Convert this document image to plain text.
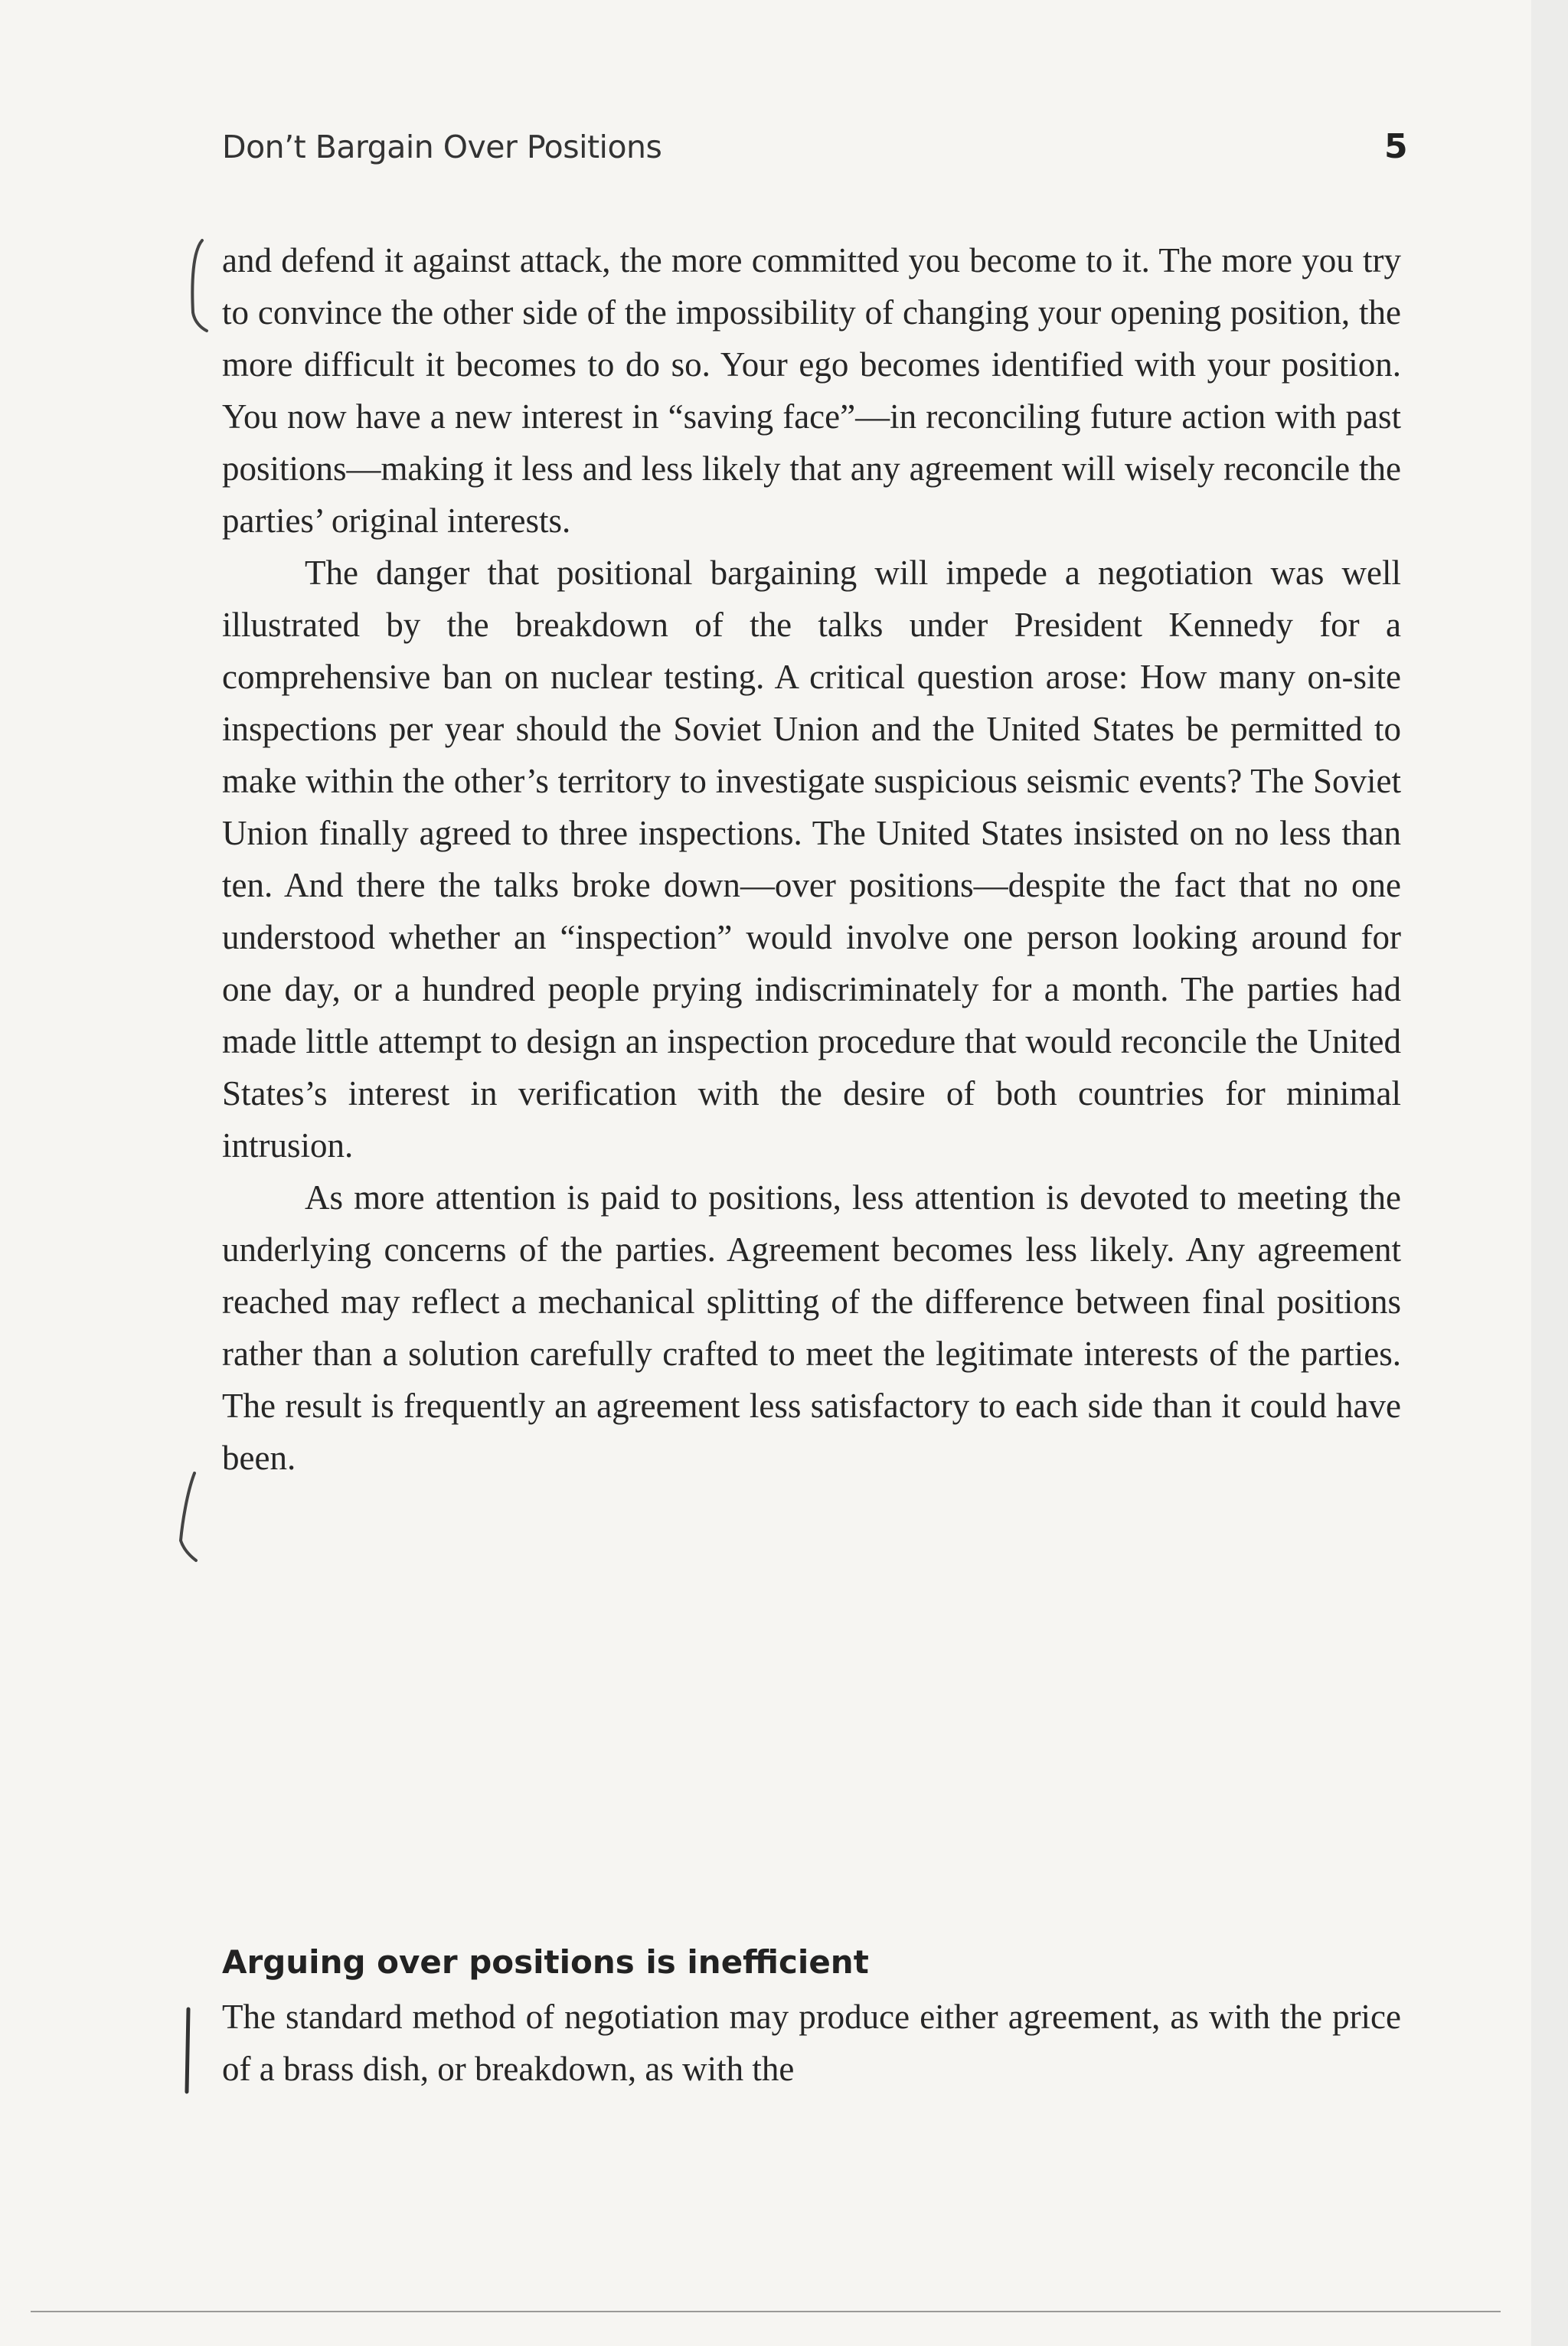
Don’t Bargain Over Positions	5

and defend it against attack, the more committed you become to it. The more you try to convince the other side of the impossibility of changing your opening position, the more difficult it becomes to do so. Your ego becomes identified with your position. You now have a new interest in “saving face”—in reconciling future action with past positions—making it less and less likely that any agreement will wisely reconcile the parties’ original interests.

The danger that positional bargaining will impede a negotiation was well illustrated by the breakdown of the talks under President Kennedy for a comprehensive ban on nuclear testing. A critical question arose: How many on-site inspections per year should the Soviet Union and the United States be permitted to make within the other’s territory to investigate suspicious seismic events? The Soviet Union finally agreed to three inspections. The United States insisted on no less than ten. And there the talks broke down—over positions—despite the fact that no one understood whether an “inspection” would involve one person looking around for one day, or a hundred people prying indiscriminately for a month. The parties had made little attempt to design an inspection procedure that would reconcile the United States’s interest in verification with the desire of both countries for minimal intrusion.

As more attention is paid to positions, less attention is devoted to meeting the underlying concerns of the parties. Agreement becomes less likely. Any agreement reached may reflect a mechanical splitting of the difference between final positions rather than a solution carefully crafted to meet the legitimate interests of the parties. The result is frequently an agreement less satisfactory to each side than it could have been.

Arguing over positions is inefficient

The standard method of negotiation may produce either agreement, as with the price of a brass dish, or breakdown, as with the
